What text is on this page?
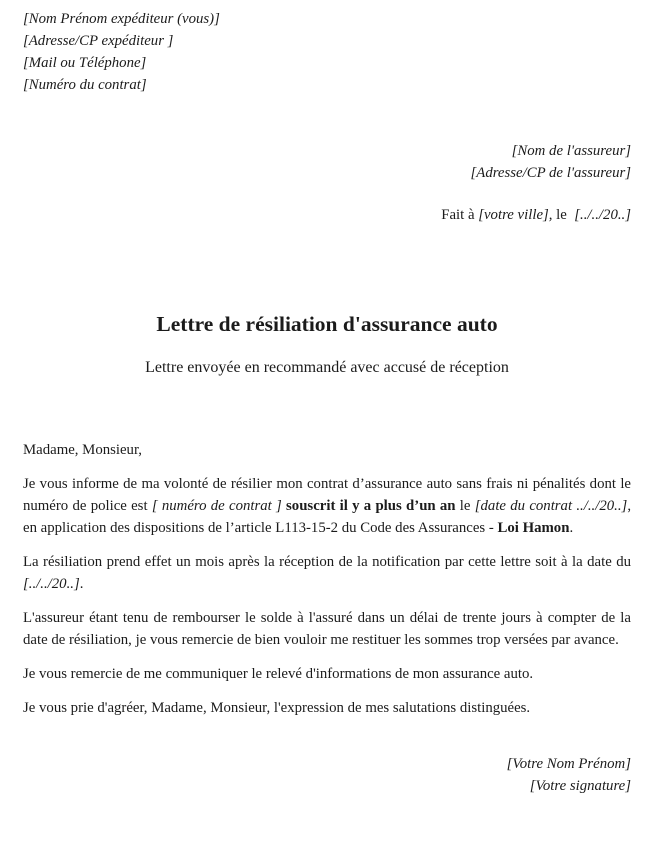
[Nom Prénom expéditeur (vous)]
[Adresse/CP expéditeur ]
[Mail ou Téléphone]
[Numéro du contrat]
[Nom de l'assureur]
[Adresse/CP de l'assureur]
Fait à [votre ville], le  [../../20..]
Lettre de résiliation d'assurance auto
Lettre envoyée en recommandé avec accusé de réception

Madame, Monsieur,

Je vous informe de ma volonté de résilier mon contrat d’assurance auto sans frais ni pénalités dont le numéro de police est [ numéro de contrat ] souscrit il y a plus d’un an le [date du contrat ../../20..], en application des dispositions de l’article L113-15-2 du Code des Assurances - Loi Hamon.

La résiliation prend effet un mois après la réception de la notification par cette lettre soit à la date du [../../20..].

L'assureur étant tenu de rembourser le solde à l'assuré dans un délai de trente jours à compter de la date de résiliation, je vous remercie de bien vouloir me restituer les sommes trop versées par avance.

Je vous remercie de me communiquer le relevé d'informations de mon assurance auto.

Je vous prie d'agréer, Madame, Monsieur, l'expression de mes salutations distinguées.

[Votre Nom Prénom]
[Votre signature]
